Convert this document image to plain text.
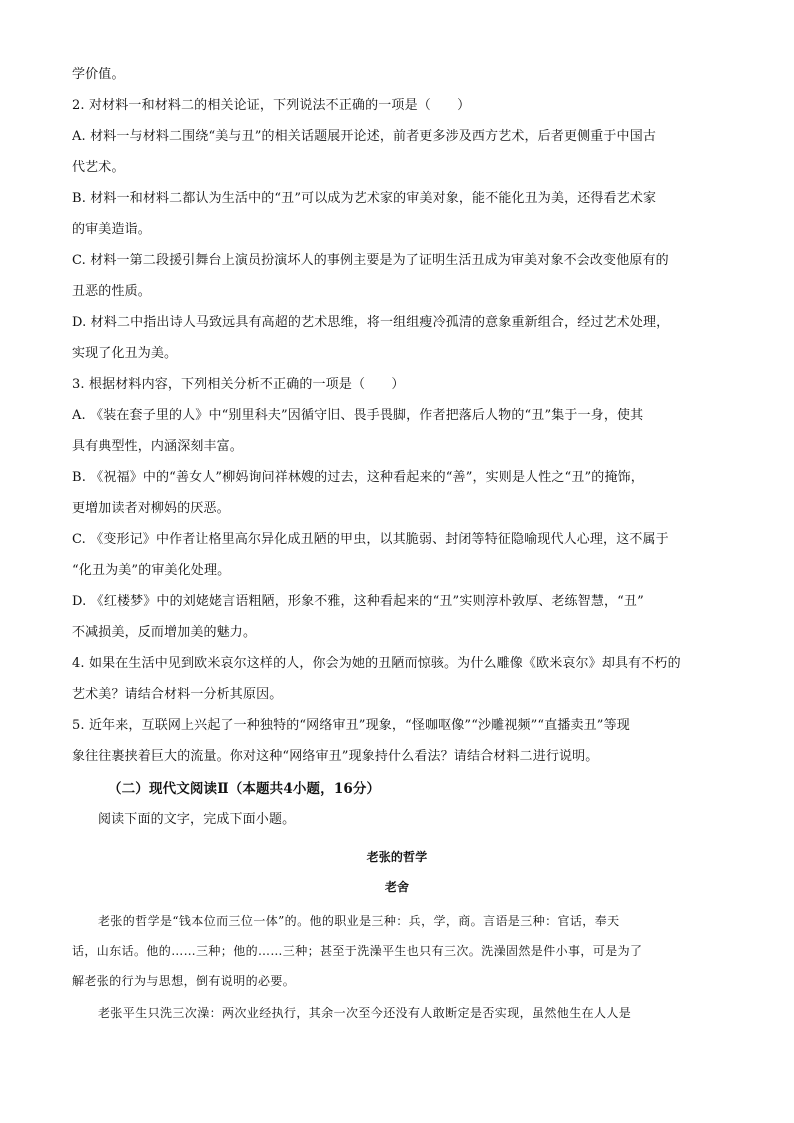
学价值。
2. 对材料一和材料二的相关论证，下列说法不正确的一项是（　　）
A. 材料一与材料二围绕“美与丑”的相关话题展开论述，前者更多涉及西方艺术，后者更侧重于中国古
代艺术。
B. 材料一和材料二都认为生活中的“丑”可以成为艺术家的审美对象，能不能化丑为美，还得看艺术家
的审美造诣。
C. 材料一第二段援引舞台上演员扮演坏人的事例主要是为了证明生活丑成为审美对象不会改变他原有的
丑恶的性质。
D. 材料二中指出诗人马致远具有高超的艺术思维，将一组组瘦冷孤清的意象重新组合，经过艺术处理，
实现了化丑为美。
3. 根据材料内容，下列相关分析不正确的一项是（　　）
A. 《装在套子里的人》中“别里科夫”因循守旧、畏手畏脚，作者把落后人物的“丑”集于一身，使其
具有典型性，内涵深刻丰富。
B. 《祝福》中的“善女人”柳妈询问祥林嫂的过去，这种看起来的“善”，实则是人性之“丑”的掩饰，
更增加读者对柳妈的厌恶。
C. 《变形记》中作者让格里高尔异化成丑陋的甲虫，以其脆弱、封闭等特征隐喻现代人心理，这不属于
“化丑为美”的审美化处理。
D. 《红楼梦》中的刘姥姥言语粗陋，形象不雅，这种看起来的“丑”实则淳朴敦厚、老练智慧，“丑”
不减损美，反而增加美的魅力。
4. 如果在生活中见到欧米哀尔这样的人，你会为她的丑陋而惊骇。为什么雕像《欧米哀尔》却具有不朽的
艺术美？请结合材料一分析其原因。
5. 近年来，互联网上兴起了一种独特的“网络审丑”现象，“怪咖呕像”“沙雕视频”“直播卖丑”等现
象往往裹挟着巨大的流量。你对这种“网络审丑”现象持什么看法？请结合材料二进行说明。
（二）现代文阅读Ⅱ（本题共4小题，16分）
阅读下面的文字，完成下面小题。
老张的哲学
老舍
老张的哲学是“钱本位而三位一体”的。他的职业是三种：兵，学，商。言语是三种：官话，奉天
话，山东话。他的……三种；他的……三种；甚至于洗澡平生也只有三次。洗澡固然是件小事，可是为了
解老张的行为与思想，倒有说明的必要。
老张平生只洗三次澡：两次业经执行，其余一次至今还没有人敢断定是否实现，虽然他生在人人是
